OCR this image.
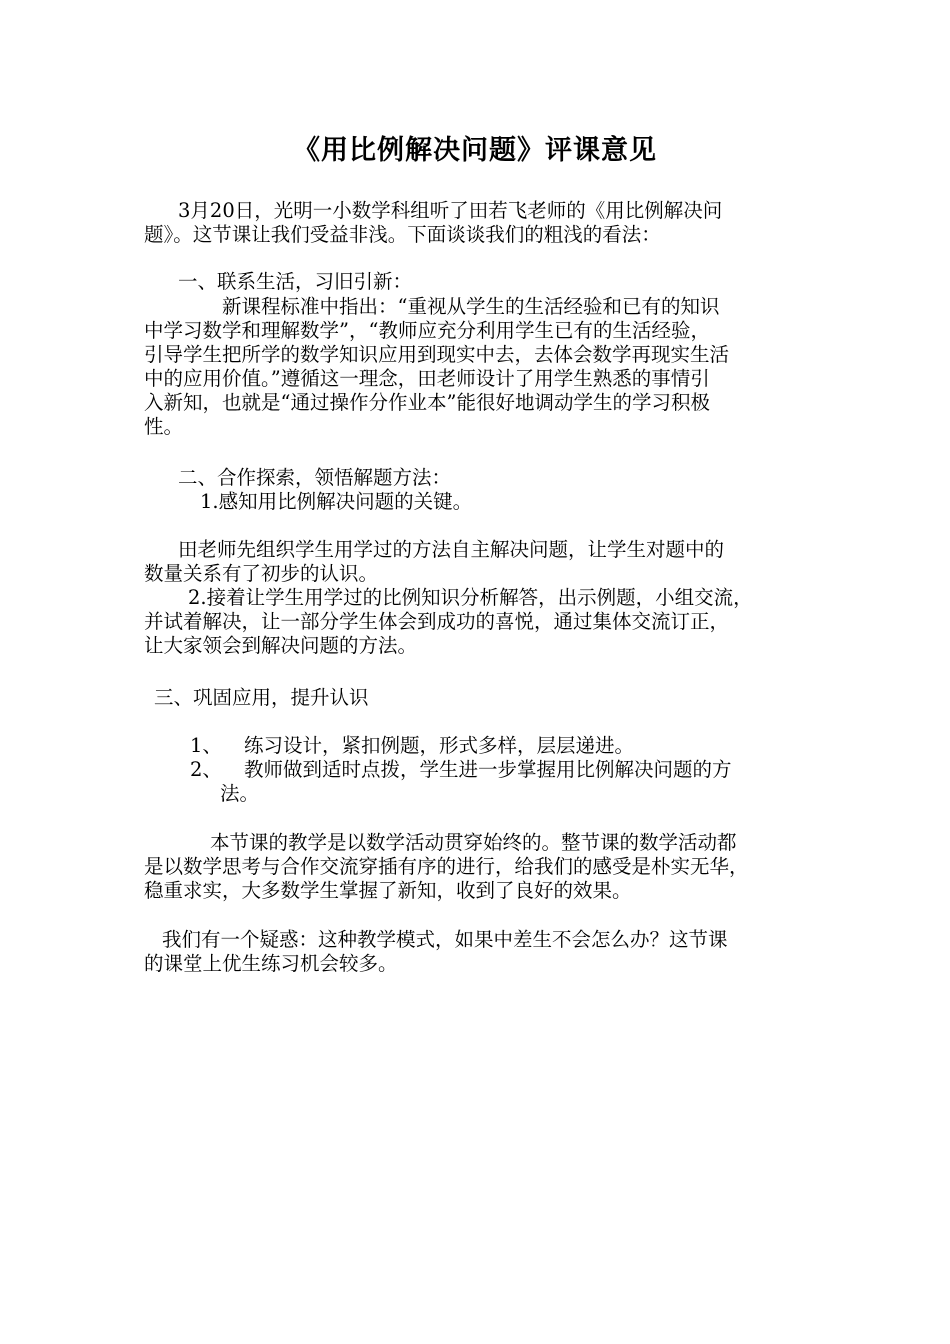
《用比例解决问题》评课意见

3月20日，光明一小数学科组听了田若飞老师的《用比例解决问
题》。这节课让我们受益非浅。下面谈谈我们的粗浅的看法：

一、联系生活，习旧引新：

新课程标准中指出：“重视从学生的生活经验和已有的知识
中学习数学和理解数学”，“教师应充分利用学生已有的生活经验，
引导学生把所学的数学知识应用到现实中去，去体会数学再现实生活
中的应用价值。”遵循这一理念，田老师设计了用学生熟悉的事情引
入新知，也就是“通过操作分作业本”能很好地调动学生的学习积极
性。

二、合作探索，领悟解题方法：
1.感知用比例解决问题的关键。

田老师先组织学生用学过的方法自主解决问题，让学生对题中的
数量关系有了初步的认识。
2.接着让学生用学过的比例知识分析解答，出示例题，小组交流，
并试着解决，让一部分学生体会到成功的喜悦，通过集体交流订正，
让大家领会到解决问题的方法。

三、巩固应用，提升认识

1、 练习设计，紧扣例题，形式多样，层层递进。
2、 教师做到适时点拨，学生进一步掌握用比例解决问题的方
法。

本节课的教学是以数学活动贯穿始终的。整节课的数学活动都
是以数学思考与合作交流穿插有序的进行，给我们的感受是朴实无华，
稳重求实，大多数学生掌握了新知，收到了良好的效果。

我们有一个疑惑：这种教学模式，如果中差生不会怎么办？这节课
的课堂上优生练习机会较多。
